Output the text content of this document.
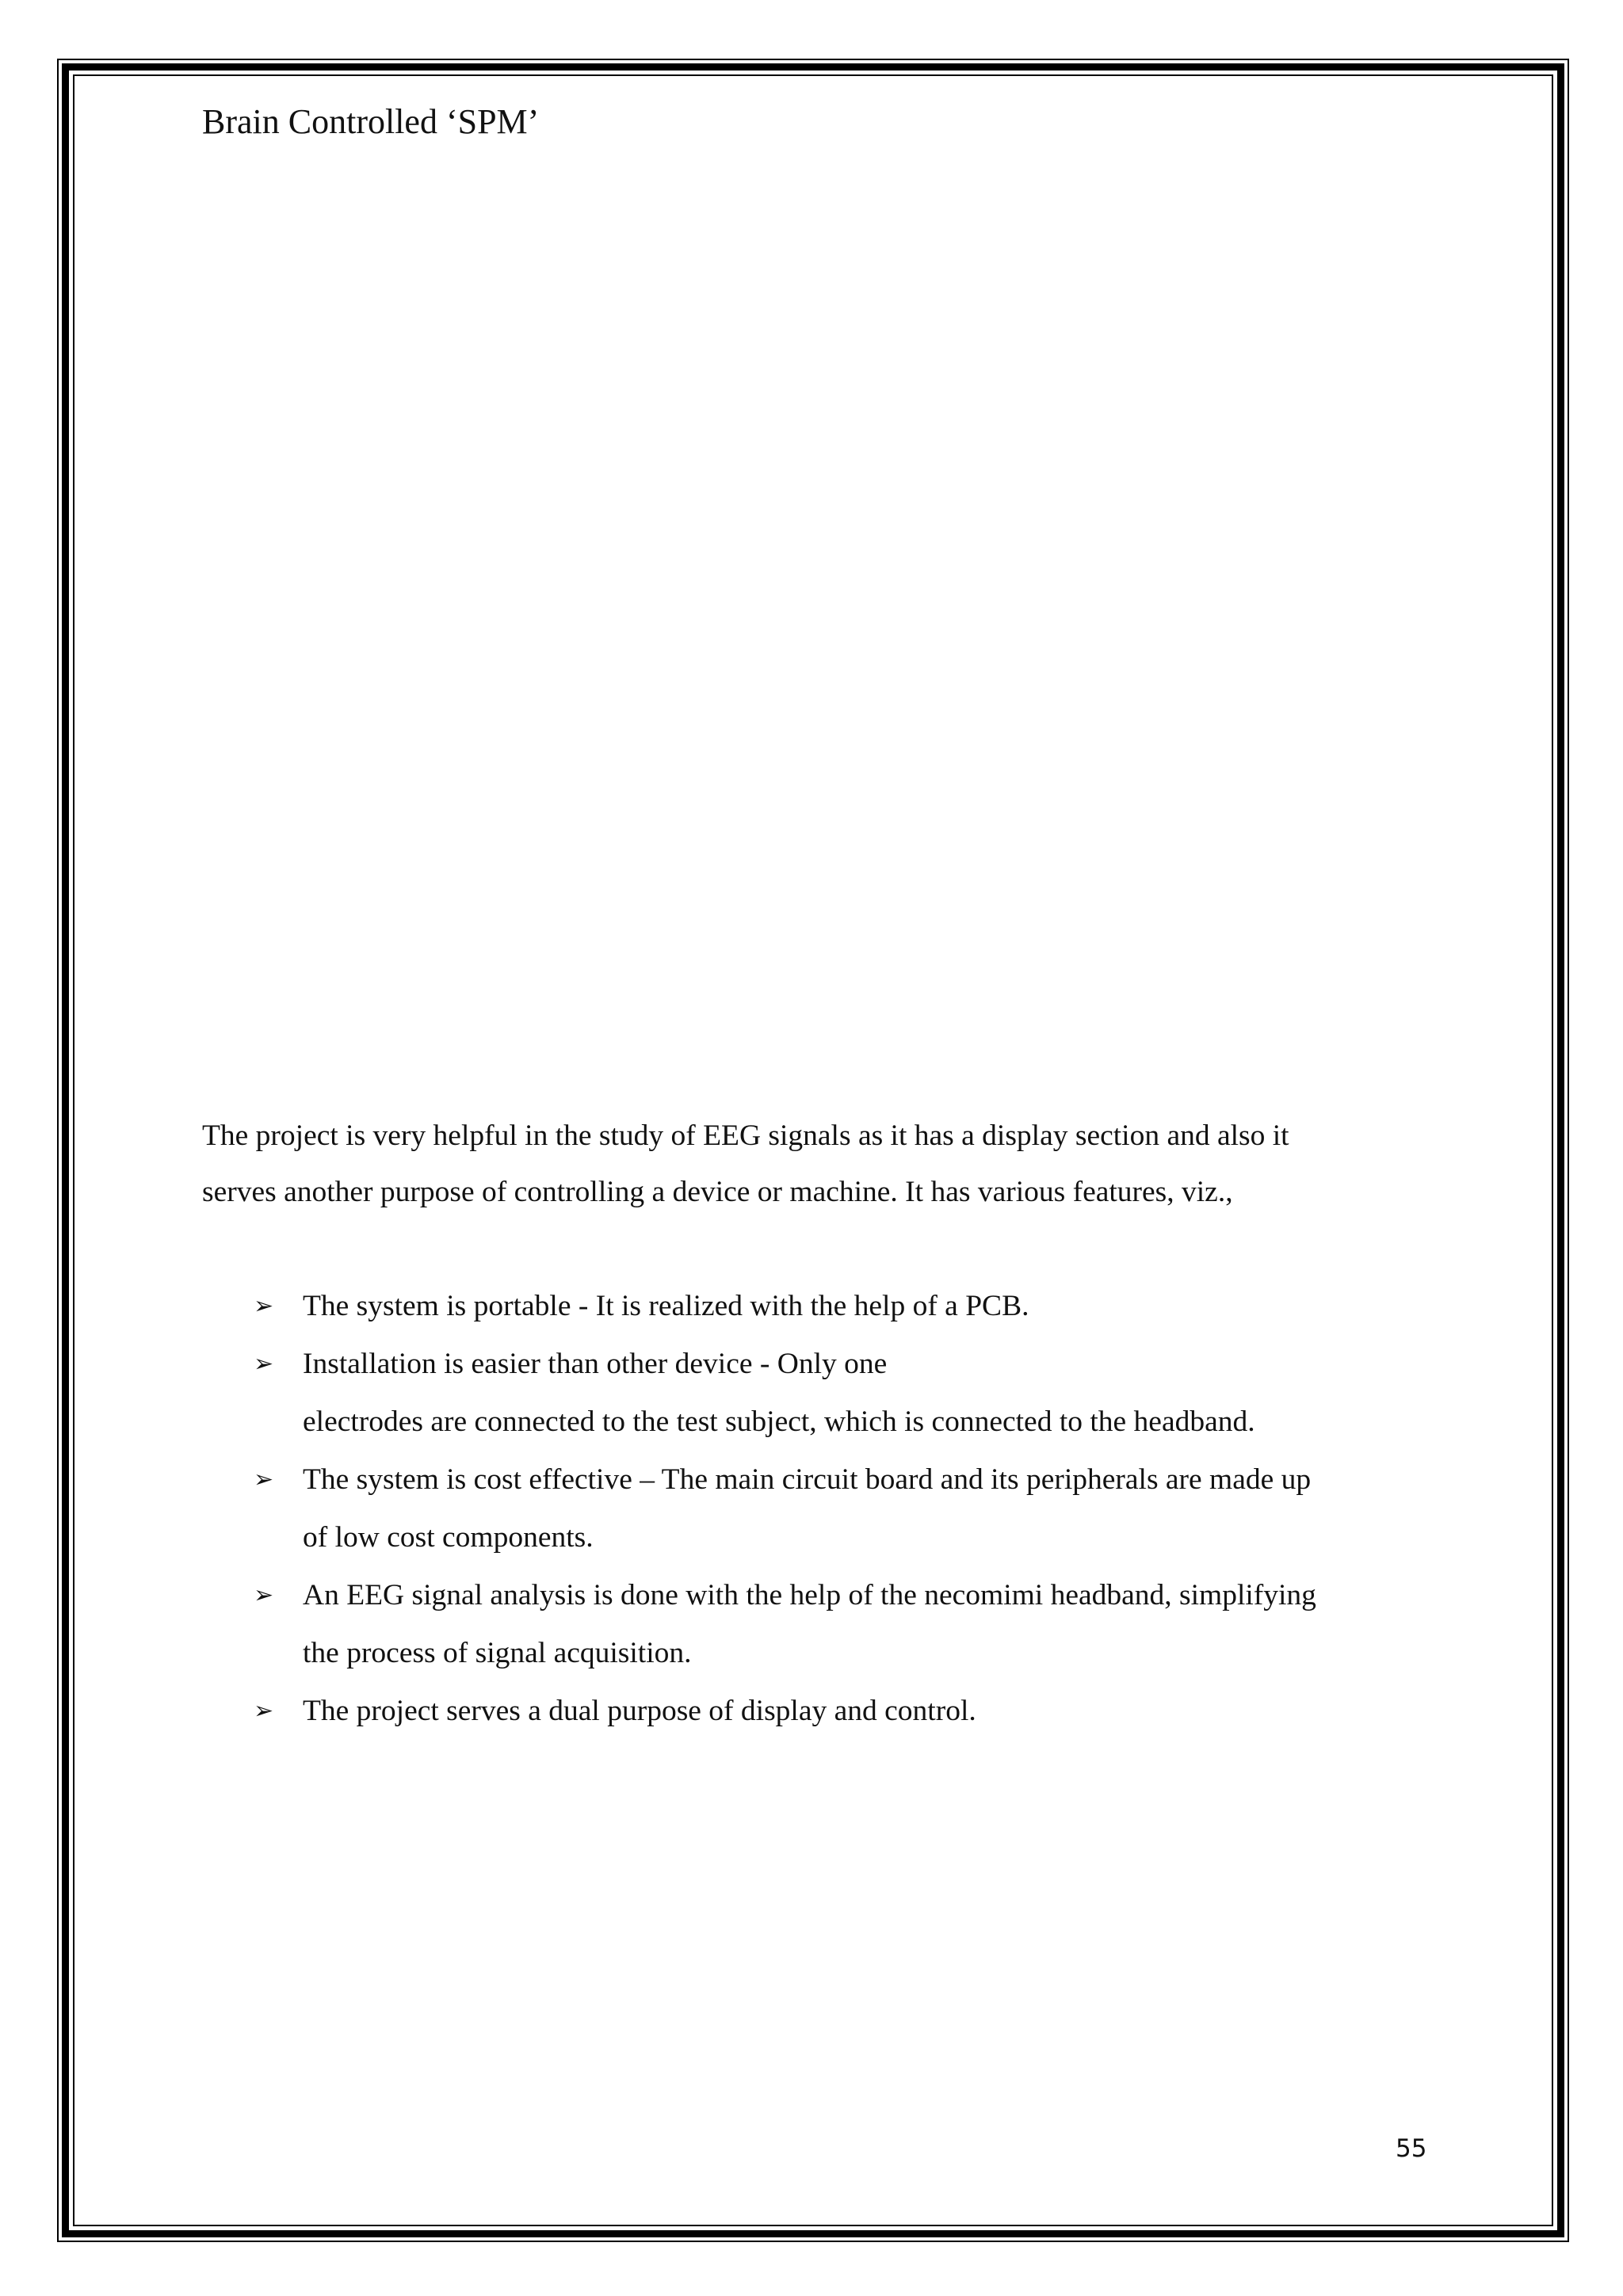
Brain Controlled ‘SPM’

The project is very helpful in the study of EEG signals as it has a display section and also it

serves another purpose of controlling a device or machine. It has various features, viz.,

➢ The system is portable - It is realized with the help of a PCB.
➢ Installation is easier than other device - Only one
electrodes are connected to the test subject, which is connected to the headband.
➢ The system is cost effective – The main circuit board and its peripherals are made up
of low cost components.
➢ An EEG signal analysis is done with the help of the necomimi headband, simplifying
the process of signal acquisition.
➢ The project serves a dual purpose of display and control.
55
